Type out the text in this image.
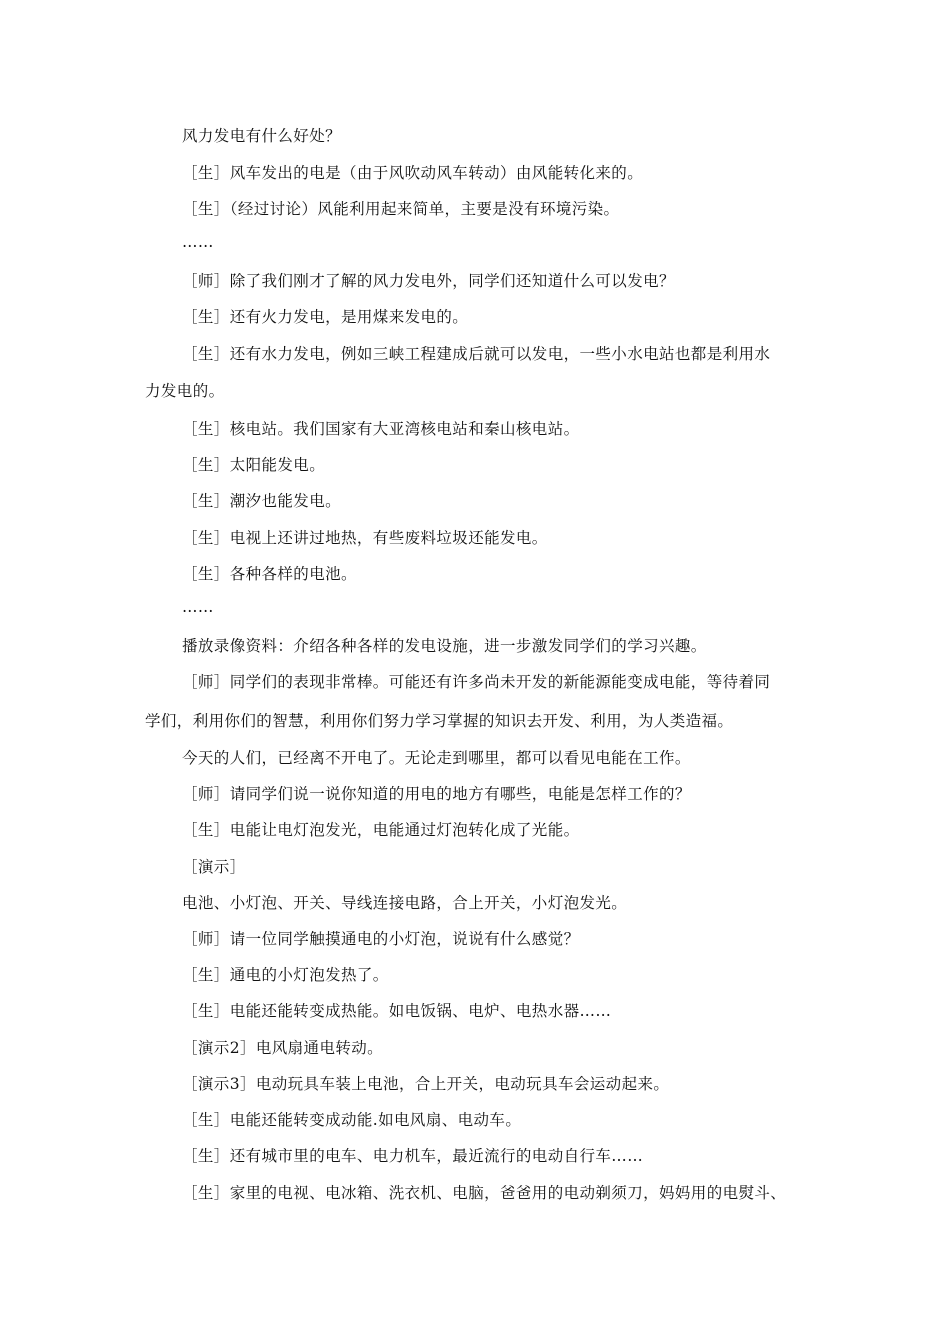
风力发电有什么好处？
［生］风车发出的电是（由于风吹动风车转动）由风能转化来的。
［生］（经过讨论）风能利用起来简单，主要是没有环境污染。
……
［师］除了我们刚才了解的风力发电外，同学们还知道什么可以发电？
［生］还有火力发电，是用煤来发电的。
［生］还有水力发电，例如三峡工程建成后就可以发电，一些小水电站也都是利用水
力发电的。
［生］核电站。我们国家有大亚湾核电站和秦山核电站。
［生］太阳能发电。
［生］潮汐也能发电。
［生］电视上还讲过地热，有些废料垃圾还能发电。
［生］各种各样的电池。
……
播放录像资料：介绍各种各样的发电设施，进一步激发同学们的学习兴趣。
［师］同学们的表现非常棒。可能还有许多尚未开发的新能源能变成电能，等待着同
学们，利用你们的智慧，利用你们努力学习掌握的知识去开发、利用，为人类造福。
今天的人们，已经离不开电了。无论走到哪里，都可以看见电能在工作。
［师］请同学们说一说你知道的用电的地方有哪些，电能是怎样工作的？
［生］电能让电灯泡发光，电能通过灯泡转化成了光能。
［演示］
电池、小灯泡、开关、导线连接电路，合上开关，小灯泡发光。
［师］请一位同学触摸通电的小灯泡，说说有什么感觉？
［生］通电的小灯泡发热了。
［生］电能还能转变成热能。如电饭锅、电炉、电热水器……
［演示2］电风扇通电转动。
［演示3］电动玩具车装上电池，合上开关，电动玩具车会运动起来。
［生］电能还能转变成动能.如电风扇、电动车。
［生］还有城市里的电车、电力机车，最近流行的电动自行车……
［生］家里的电视、电冰箱、洗衣机、电脑，爸爸用的电动剃须刀，妈妈用的电熨斗、
